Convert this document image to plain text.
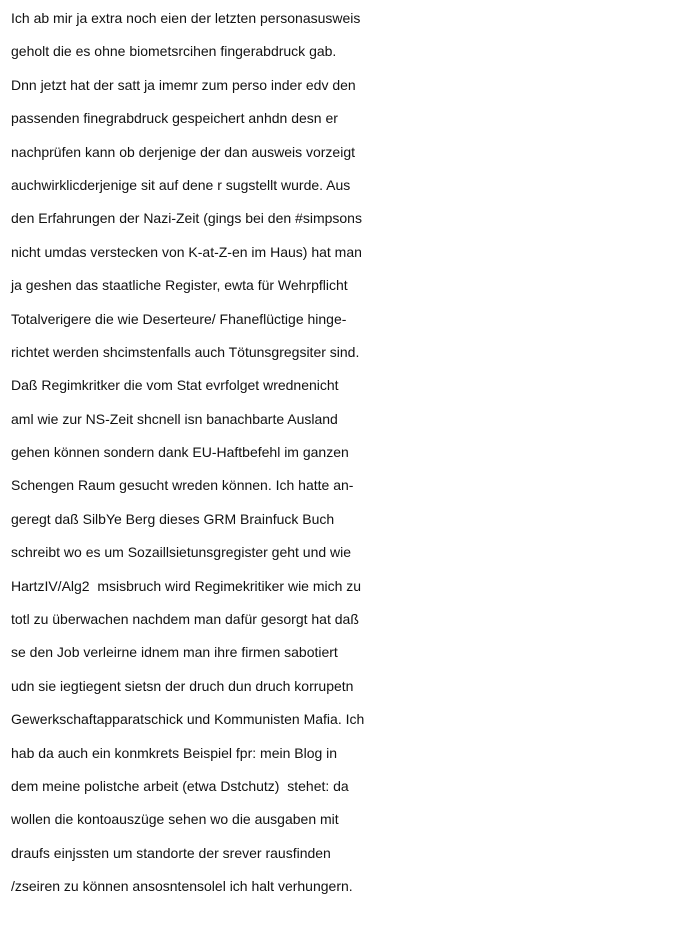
Ich ab mir ja extra noch eien der letzten personasusweis
geholt die es ohne biometsrcihen fingerabdruck gab.
Dnn jetzt hat der satt ja imemr zum perso inder edv den
passenden finegrabdruck gespeichert anhdn desn er
nachprüfen kann ob derjenige der dan ausweis vorzeigt
auchwirklicderjenige sit auf dene r sugstellt wurde. Aus
den Erfahrungen der Nazi-Zeit (gings bei den #simpsons
nicht umdas verstecken von K-at-Z-en im Haus) hat man
ja geshen das staatliche Register, ewta für Wehrpflicht
Totalverigere die wie Deserteure/ Fhaneflüctige hinge-
richtet werden shcimstenfalls auch Tötunsgregsiter sind.
Daß Regimkritker die vom Stat evrfolget wrednenicht
aml wie zur NS-Zeit shcnell isn banachbarte Ausland
gehen können sondern dank EU-Haftbefehl im ganzen
Schengen Raum gesucht wreden können. Ich hatte an-
geregt daß SilbYe Berg dieses GRM Brainfuck Buch
schreibt wo es um Sozaillsietunsgregister geht und wie
HartzIV/Alg2  msisbruch wird Regimekritiker wie mich zu
totl zu überwachen nachdem man dafür gesorgt hat daß
se den Job verleirne idnem man ihre firmen sabotiert
udn sie iegtiegent sietsn der druch dun druch korrupetn
Gewerkschaftapparatschick und Kommunisten Mafia. Ich
hab da auch ein konmkrets Beispiel fpr: mein Blog in
dem meine polistche arbeit (etwa Dstchutz)  stehet: da
wollen die kontoauszüge sehen wo die ausgaben mit
draufs einjssten um standorte der srever rausfinden
/zseiren zu können ansosntensolel ich halt verhungern.
